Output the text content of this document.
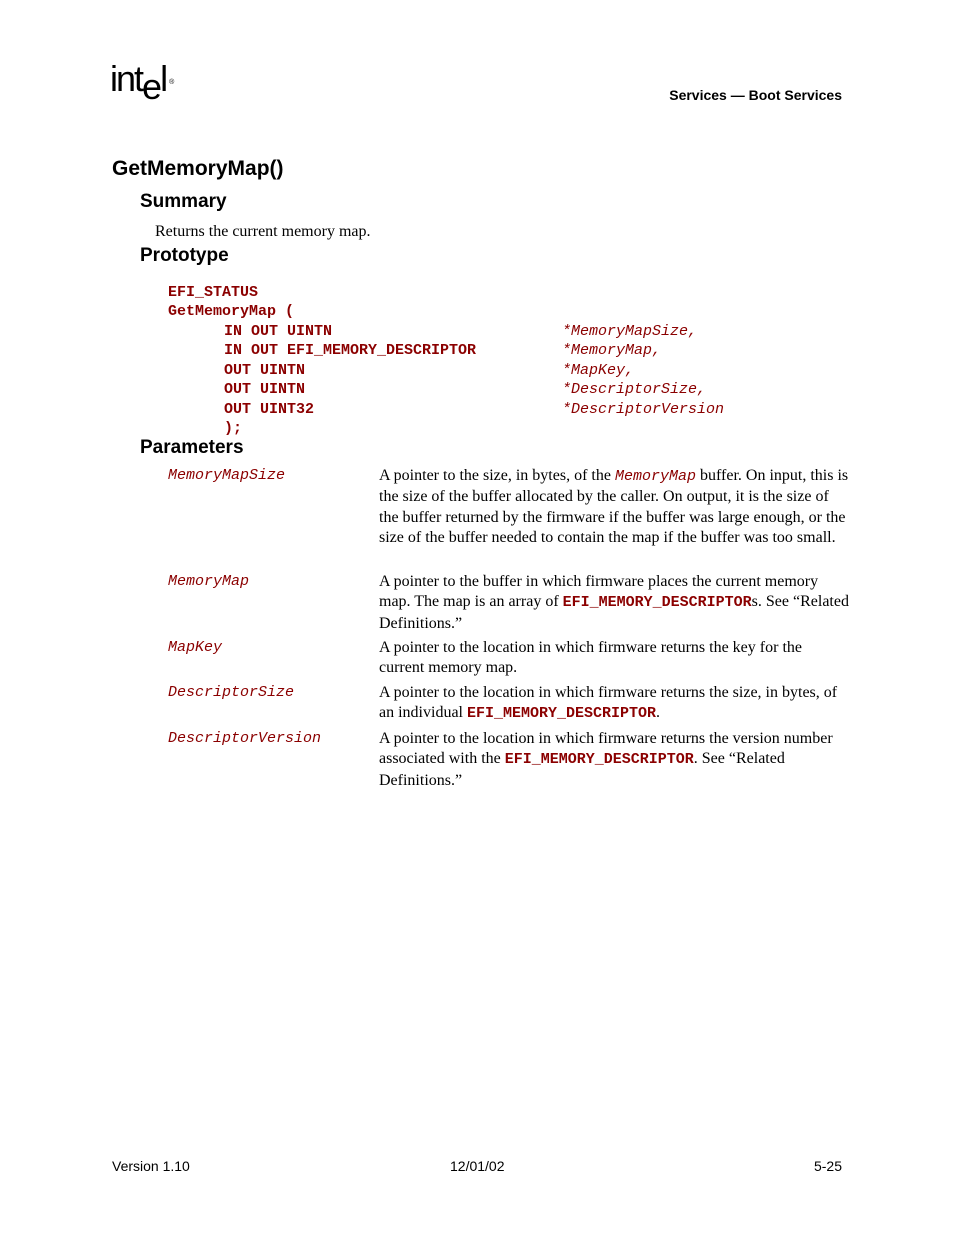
intel ®
Services — Boot Services
GetMemoryMap()
Summary
Returns the current memory map.
Prototype
EFI_STATUS
GetMemoryMap (
IN OUT UINTN	*MemoryMapSize,
IN OUT EFI_MEMORY_DESCRIPTOR	*MemoryMap,
OUT UINTN	*MapKey,
OUT UINTN	*DescriptorSize,
OUT UINT32	*DescriptorVersion
);
Parameters
MemoryMapSize	A pointer to the size, in bytes, of the MemoryMap buffer. On input, this is the size of the buffer allocated by the caller. On output, it is the size of the buffer returned by the firmware if the buffer was large enough, or the size of the buffer needed to contain the map if the buffer was too small.
MemoryMap	A pointer to the buffer in which firmware places the current memory map. The map is an array of EFI_MEMORY_DESCRIPTORs. See “Related Definitions.”
MapKey	A pointer to the location in which firmware returns the key for the current memory map.
DescriptorSize	A pointer to the location in which firmware returns the size, in bytes, of an individual EFI_MEMORY_DESCRIPTOR.
DescriptorVersion	A pointer to the location in which firmware returns the version number associated with the EFI_MEMORY_DESCRIPTOR. See “Related Definitions.”
Version 1.10	12/01/02	5-25
